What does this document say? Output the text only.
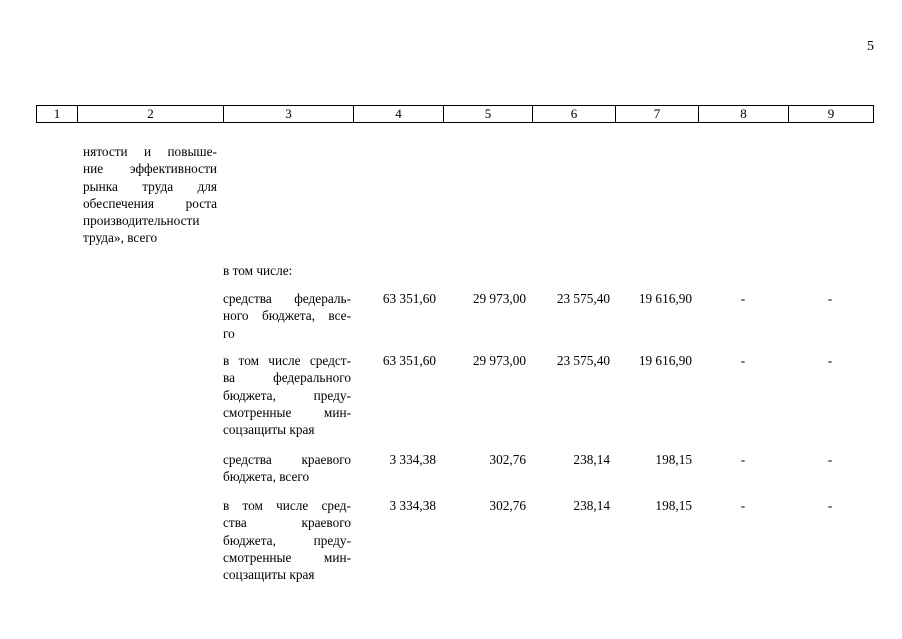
5
1	2	3	4	5	6	7	8	9
нятости и повыше-
ние эффективности
рынка труда для
обеспечения роста
производительности
труда», всего
в том числе:
средства федераль-
ного бюджета, все-
го
63 351,60	29 973,00	23 575,40	19 616,90	-	-
в том числе средст-
ва федерального
бюджета, преду-
смотренные мин-
соцзащиты края
63 351,60	29 973,00	23 575,40	19 616,90	-	-
средства краевого
бюджета, всего
3 334,38	302,76	238,14	198,15	-	-
в том числе сред-
ства краевого
бюджета, преду-
смотренные мин-
соцзащиты края
3 334,38	302,76	238,14	198,15	-	-
